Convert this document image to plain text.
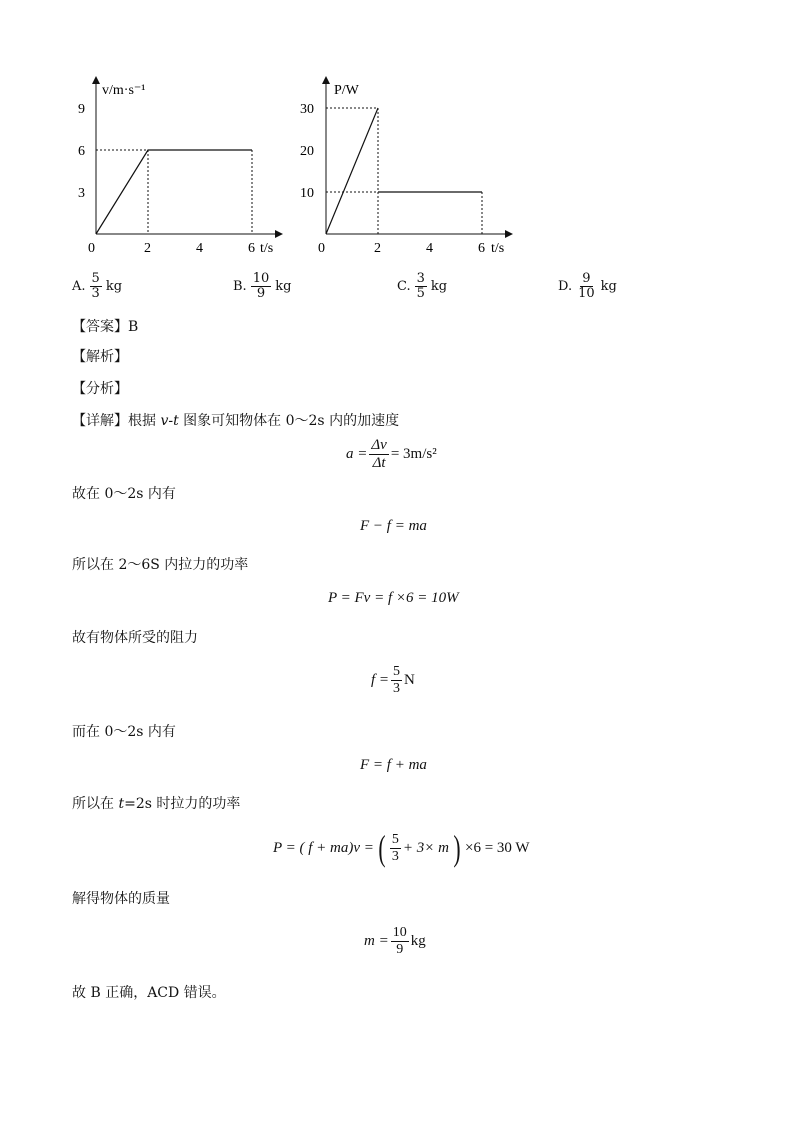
v/m·s⁻¹
t/s
0	2	4	6
3
6
9
P/W
t/s
0	2	4	6
10
20
30
A. $\frac{5}{3}$ kg	B. $\frac{10}{9}$ kg	C. $\frac{3}{5}$ kg	D. $\frac{9}{10}$ kg
【答案】B
【解析】
【分析】
【详解】根据 v-t 图象可知物体在 0～2s 内的加速度
$a = \frac{\Delta v}{\Delta t} = 3m/s^2$
故在 0～2s 内有
F − f = ma
所以在 2～6S 内拉力的功率
P = Fv = f ×6 = 10W
故有物体所受的阻力
$f = \frac{5}{3}$ N
而在 0～2s 内有
F = f + ma
所以在 t=2s 时拉力的功率
P = ( f + ma)v = ( $\frac{5}{3} + 3\times m$ ) ×6 = 30 W
解得物体的质量
$m = \frac{10}{9}$ kg
故 B 正确，ACD 错误。
